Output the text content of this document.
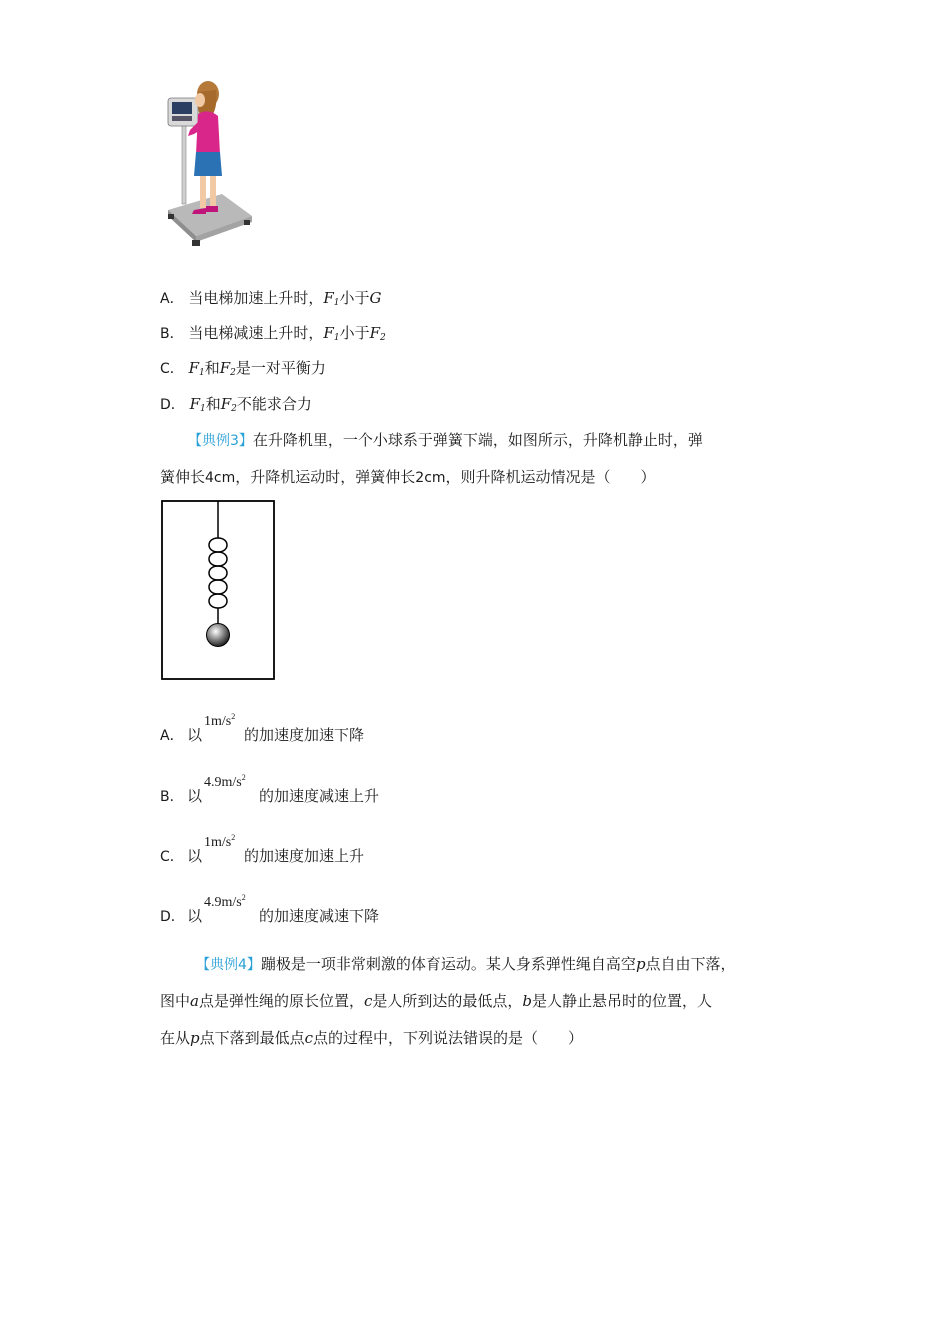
A． 当电梯加速上升时，$F_1$小于G
B． 当电梯减速上升时，$F_1$小于$F_2$
C． $F_1$和$F_2$是一对平衡力
D． $F_1$和$F_2$不能求合力
【典例3】在升降机里，一个小球系于弹簧下端，如图所示，升降机静止时，弹
簧伸长4cm，升降机运动时，弹簧伸长2cm，则升降机运动情况是（　　）
A． 以
$1m/s^2$
的加速度加速下降
B． 以
$4.9m/s^2$
的加速度减速上升
C． 以
$1m/s^2$
的加速度加速上升
D． 以
$4.9m/s^2$
的加速度减速下降
【典例4】蹦极是一项非常刺激的体育运动。某人身系弹性绳自高空p点自由下落，
图中a点是弹性绳的原长位置，c是人所到达的最低点，b是人静止悬吊时的位置，人
在从p点下落到最低点c点的过程中，下列说法错误的是（　　）
